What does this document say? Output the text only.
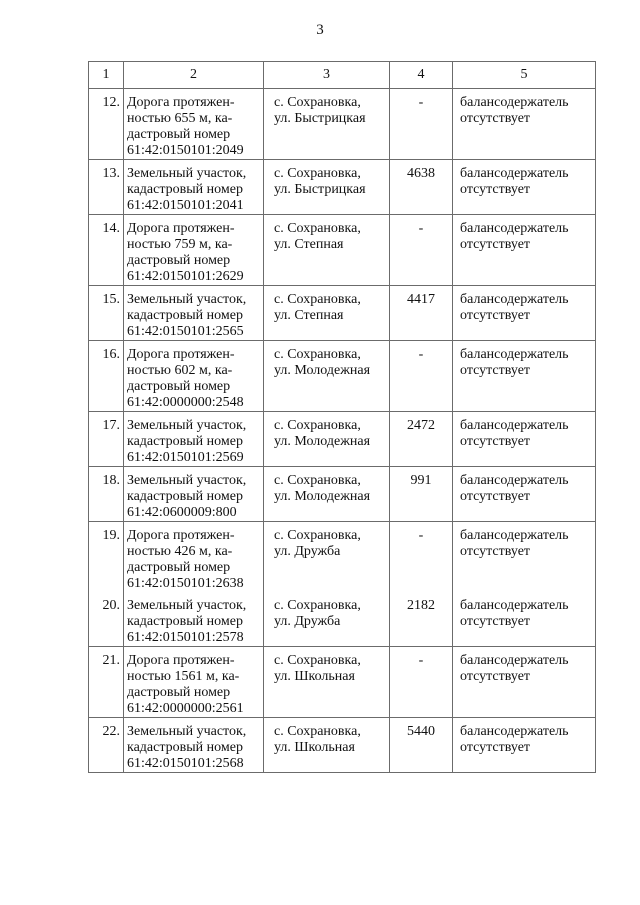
3
1	2	3	4	5
12.	Дорога протяжен-
ностью 655 м, ка-
дастровый номер
61:42:0150101:2049	с. Сохрановка,
ул. Быстрицкая	-	балансодержатель
отсутствует

13.	Земельный участок,
кадастровый номер
61:42:0150101:2041	с. Сохрановка,
ул. Быстрицкая	4638	балансодержатель
отсутствует

14.	Дорога протяжен-
ностью 759 м, ка-
дастровый номер
61:42:0150101:2629	с. Сохрановка,
ул. Степная	-	балансодержатель
отсутствует

15.	Земельный участок,
кадастровый номер
61:42:0150101:2565	с. Сохрановка,
ул. Степная	4417	балансодержатель
отсутствует

16.	Дорога протяжен-
ностью 602 м, ка-
дастровый номер
61:42:0000000:2548	с. Сохрановка,
ул. Молодежная	-	балансодержатель
отсутствует

17.	Земельный участок,
кадастровый номер
61:42:0150101:2569	с. Сохрановка,
ул. Молодежная	2472	балансодержатель
отсутствует

18.	Земельный участок,
кадастровый номер
61:42:0600009:800	с. Сохрановка,
ул. Молодежная	991	балансодержатель
отсутствует

19.	Дорога протяжен-
ностью 426 м, ка-
дастровый номер
61:42:0150101:2638	с. Сохрановка,
ул. Дружба	-	балансодержатель
отсутствует

20.	Земельный участок,
кадастровый номер
61:42:0150101:2578	с. Сохрановка,
ул. Дружба	2182	балансодержатель
отсутствует

21.	Дорога протяжен-
ностью 1561 м, ка-
дастровый номер
61:42:0000000:2561	с. Сохрановка,
ул. Школьная	-	балансодержатель
отсутствует

22.	Земельный участок,
кадастровый номер
61:42:0150101:2568	с. Сохрановка,
ул. Школьная	5440	балансодержатель
отсутствует
